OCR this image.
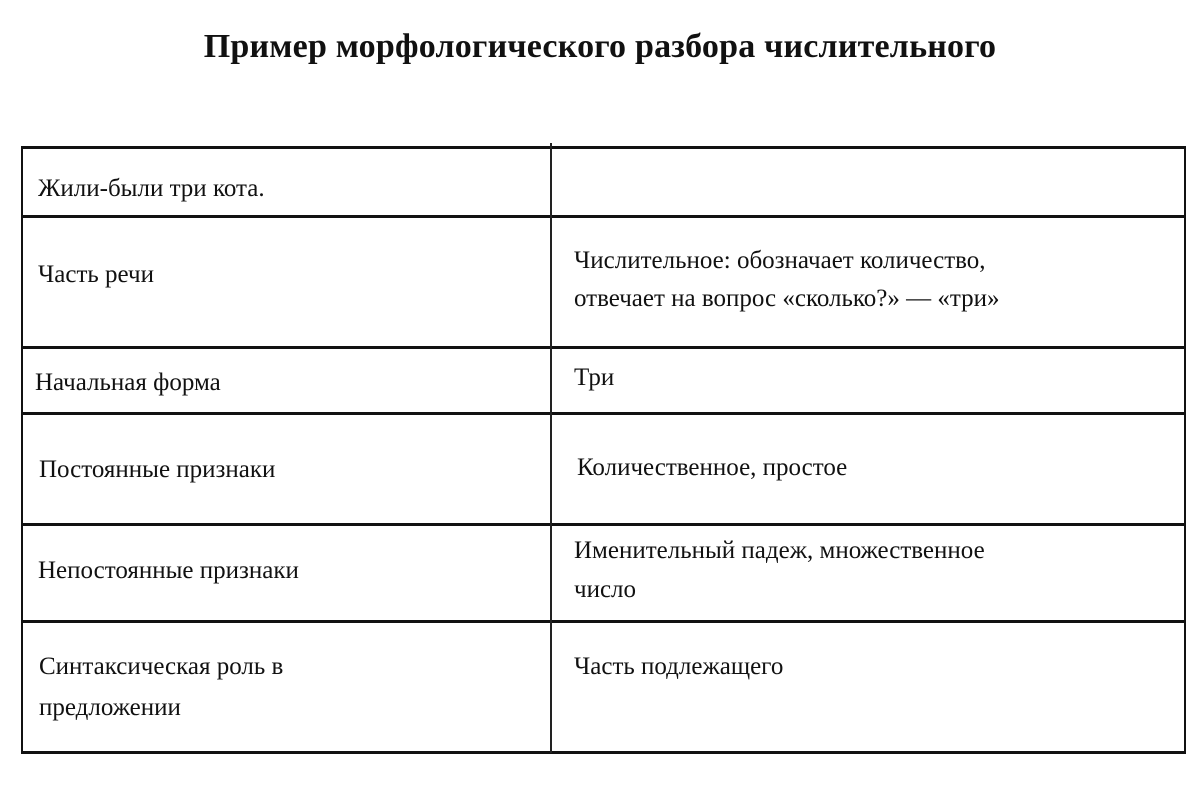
Пример морфологического разбора числительного
Жили-были три кота.
Часть речи
Числительное: обозначает количество,
отвечает на вопрос «сколько?» — «три»
Начальная форма	Три
Постоянные признаки	Количественное, простое
Непостоянные признаки
Именительный падеж, множественное
число
Синтаксическая роль в
предложении
Часть подлежащего
